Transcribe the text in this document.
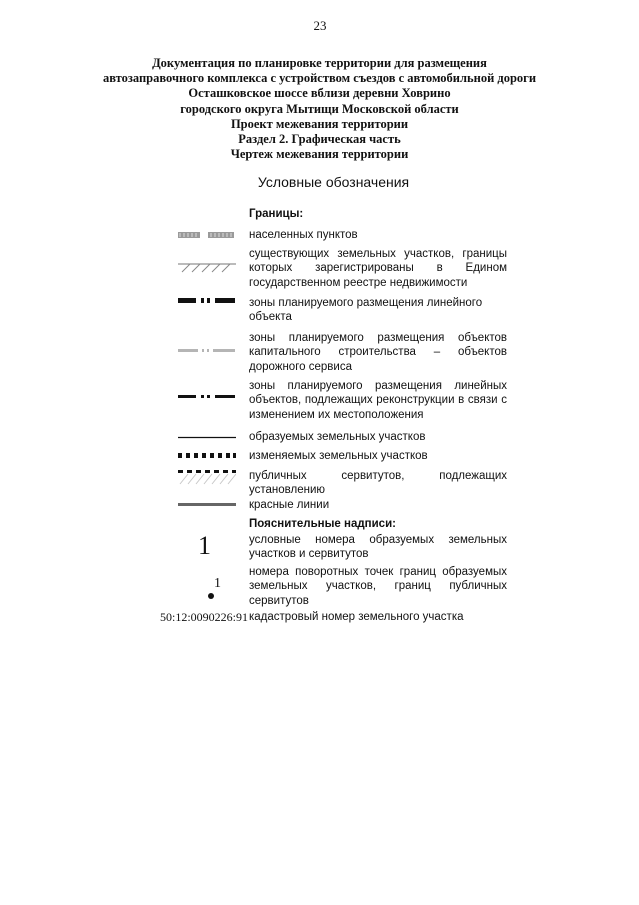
23
Документация по планировке территории для размещения
автозаправочного комплекса с устройством съездов с автомобильной дороги
Осташковское шоссе вблизи деревни Ховрино
городского округа Мытищи Московской области
Проект межевания территории
Раздел 2. Графическая часть
Чертеж межевания территории
Условные обозначения
Границы:
населенных пунктов
существующих земельных участков, границы которых зарегистрированы в Едином государственном реестре недвижимости
зоны планируемого размещения линейного объекта
зоны планируемого размещения объектов капитального строительства – объектов дорожного сервиса
зоны планируемого размещения линейных объектов, подлежащих реконструкции в связи с изменением их местоположения
образуемых земельных участков
изменяемых земельных участков
публичных сервитутов, подлежащих установлению
красные линии
Пояснительные надписи:
1	условные номера образуемых земельных участков и сервитутов
1
номера поворотных точек границ образуемых земельных участков, границ публичных сервитутов
50:12:0090226:91 кадастровый номер земельного участка
